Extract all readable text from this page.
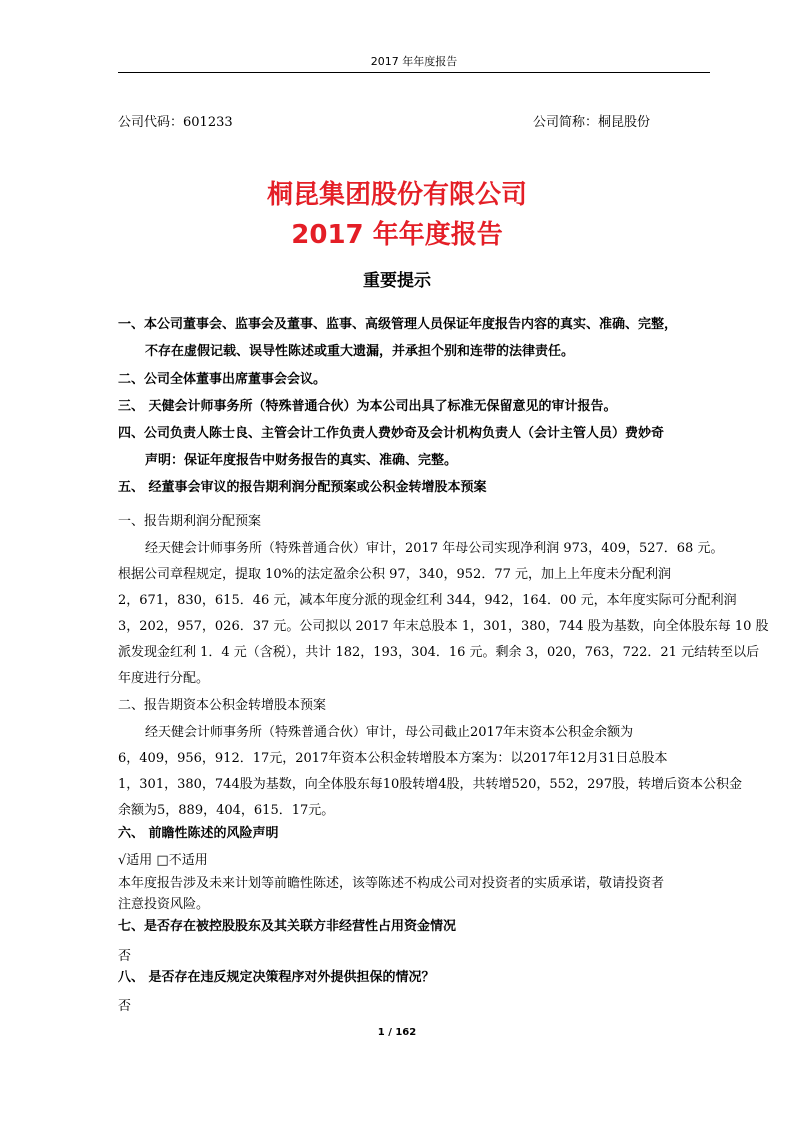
2017 年年度报告
公司代码：601233	公司简称：桐昆股份
桐昆集团股份有限公司
2017 年年度报告
重要提示
一、本公司董事会、监事会及董事、监事、高级管理人员保证年度报告内容的真实、准确、完整，
不存在虚假记载、误导性陈述或重大遗漏，并承担个别和连带的法律责任。
二、公司全体董事出席董事会会议。
三、 天健会计师事务所（特殊普通合伙）为本公司出具了标准无保留意见的审计报告。
四、公司负责人陈士良、主管会计工作负责人费妙奇及会计机构负责人（会计主管人员）费妙奇
声明：保证年度报告中财务报告的真实、准确、完整。
五、 经董事会审议的报告期利润分配预案或公积金转增股本预案
一、报告期利润分配预案
经天健会计师事务所（特殊普通合伙）审计，2017 年母公司实现净利润 973，409，527．68 元。
根据公司章程规定，提取 10%的法定盈余公积 97，340，952．77 元，加上上年度未分配利润
2，671，830，615．46 元，减本年度分派的现金红利 344，942，164．00 元，本年度实际可分配利润
3，202，957，026．37 元。公司拟以 2017 年末总股本 1，301，380，744 股为基数，向全体股东每 10 股
派发现金红利 1．4 元（含税），共计 182，193，304．16 元。剩余 3，020，763，722．21 元结转至以后
年度进行分配。
二、报告期资本公积金转增股本预案
经天健会计师事务所（特殊普通合伙）审计，母公司截止2017年末资本公积金余额为
6，409，956，912．17元，2017年资本公积金转增股本方案为：以2017年12月31日总股本
1，301，380，744股为基数，向全体股东每10股转增4股，共转增520，552，297股，转增后资本公积金
余额为5，889，404，615．17元。
六、 前瞻性陈述的风险声明
√适用 □不适用
本年度报告涉及未来计划等前瞻性陈述，该等陈述不构成公司对投资者的实质承诺，敬请投资者
注意投资风险。
七、是否存在被控股股东及其关联方非经营性占用资金情况
否
八、 是否存在违反规定决策程序对外提供担保的情况？
否
1 / 162
